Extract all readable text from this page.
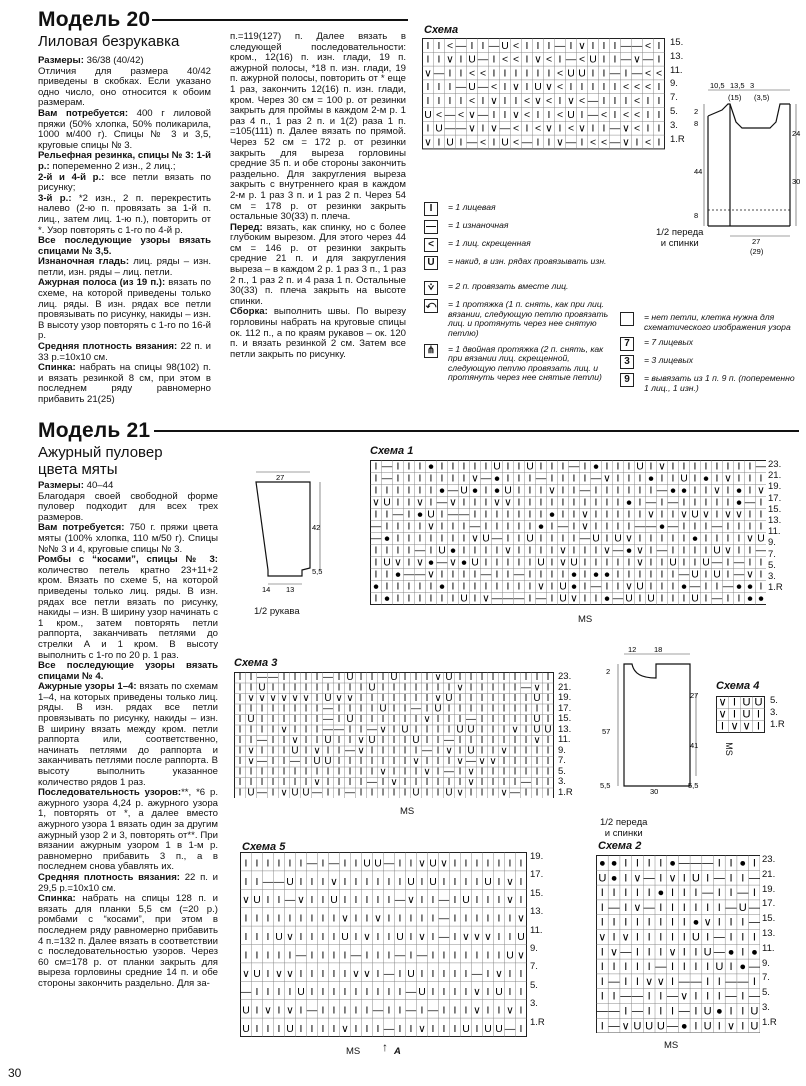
Модель 20
Лиловая безрукавка

Размеры: 36/38 (40/42)

Отличия для размера 40/42 приведены в скобках. Если указано одно число, оно относится к обоим размерам.

Вам потребуется: 400 г лиловой пряжи (50% хлопка, 50% поликарила, 1000 м/400 г). Спицы № 3 и 3,5, круговые спицы № 3.

Рельефная резинка, спицы № 3: 1-й р.: попеременно 2 изн., 2 лиц.;

2-й и 4-й р.: все петли вязать по рисунку;

3-й р.: *2 изн., 2 п. перекрестить налево (2-ю п. провязать за 1-й п. лиц., затем лиц. 1-ю п.), повторить от *. Узор повторять с 1-го по 4-й р.

Все последующие узоры вязать спицами № 3,5.

Изнаночная гладь: лиц. ряды – изн. петли, изн. ряды – лиц. петли.

Ажурная полоса (из 19 п.): вязать по схеме, на которой приведены только лиц. ряды. В изн. рядах все петли провязывать по рисунку, накиды – изн. В высоту узор повторять с 1-го по 16-й р.

Средняя плотность вязания: 22 п. и 33 р.=10х10 см.

Спинка: набрать на спицы 98(102) п. и вязать резинкой 8 см, при этом в последнем ряду равномерно прибавить 21(25)

п.=119(127) п. Далее вязать в следующей последовательности: кром., 12(16) п. изн. глади, 19 п. ажурной полосы, *18 п. изн. глади, 19 п. ажурной полосы, повторить от * еще 1 раз, закончить 12(16) п. изн. глади, кром. Через 30 см = 100 р. от резинки закрыть для проймы в каждом 2-м р. 1 раз 4 п., 1 раз 2 п. и 1(2) раза 1 п. =105(111) п. Далее вязать по прямой. Через 52 см = 172 р. от резинки закрыть для выреза горловины средние 35 п. и обе стороны закончить раздельно. Для закругления выреза закрыть с внутреннего края в каждом 2-м р. 1 раз 3 п. и 1 раз 2 п. Через 54 см = 178 р. от резинки закрыть остальные 30(33) п. плеча.

Перед: вязать, как спинку, но с более глубоким вырезом. Для этого через 44 см = 146 р. от резинки закрыть средние 21 п. и для закругления выреза – в каждом 2 р. 1 раз 3 п., 1 раз 2 п., 1 раз 2 п. и 4 раза 1 п. Остальные 30(33) п. плеча закрыть на высоте спинки.

Сборка: выполнить швы. По вырезу горловины набрать на круговые спицы ок. 112 п., а по краям рукавов – ок. 120 п. и вязать резинкой 2 см. Затем все петли закрыть по рисунку.

Схема
I I < — I I — U < I I I — I ∨ I I I — — < I
I I ∨ I U — I < < I ∨ < I — < U I I — ∨ — I
∨ — I I < < I I I I I I < U U I I — I — < <
I I I — U — < I ∨ I U ∨ < I I I I I < < < I
I I I I < I ∨ I I < ∨ < I ∨ < — I I I < I I
U < — < ∨ — I I ∨ < I I < U I — < I < < I I
I U — — ∨ I ∨ — < I < ∨ I < ∨ I I — ∨ < I I
∨ I U I — < I U < — I I ∨ — I < < — ∨ I < I
15.
13.
11.
9.
7.
5.
3.
1.R
10,5 13,5 3
(15) (3,5)
2
8
44
8
24
30
27
(29)
1/2 переда
и спинки
I	= 1 лицевая
— = 1 изнаночная
<	= 1 лиц. скрещенная
U	= накид, в изн. рядах провязывать изн.
⩒	= 2 п. провязать вместе лиц.
⤺ = 1 протяжка (1 п. снять, как при лиц. вязании, следующую петлю провязать лиц. и протянуть через нее снятую петлю)
⋔	= 1 двойная протяжка (2 п. снять, как при вязании лиц. скрещенной, следующую петлю провязать лиц. и протянуть через нее снятые петли)
= нет петли, клетка нужна для схематического изображения узора
7	= 7 лицевых
3	= 3 лицевых
9	= вывязать из 1 п. 9 п. (попеременно 1 лиц., 1 изн.)
Модель 21
Ажурный пуловер
цвета мяты

Размеры: 40–44

Благодаря своей свободной форме пуловер подходит для всех трех размеров.

Вам потребуется: 750 г. пряжи цвета мяты (100% хлопка, 110 м/50 г). Спицы №№ 3 и 4, круговые спицы № 3.

Ромбы с “косами”, спицы № 3: количество петель кратно 23+11+2 кром. Вязать по схеме 5, на которой приведены только лиц. ряды. В изн. рядах все петли вязать по рисунку, накиды – изн. В ширину узор начинать с 1 кром., затем повторять петли раппорта, заканчивать петлями до стрелки А и 1 кром. В высоту выполнить с 1-го по 20 р. 1 раз.

Все последующие узоры вязать спицами № 4.

Ажурные узоры 1–4: вязать по схемам 1–4, на которых приведены только лиц. ряды. В изн. рядах все петли провязывать по рисунку, накиды – изн. В ширину вязать между кром. петли раппорта или, соответственно, начинать петлями до раппорта и заканчивать петлями после раппорта. В высоту выполнить указанное количество рядов 1 раз.

Последовательность узоров:**, *6 р. ажурного узора 4,24 р. ажурного узора 1, повторять от *, а далее вместо ажурного узора 1 вязать один за другим ажурный узор 2 и 3, повторять от**. При вязании ажурным узором 1 в 1-м р. равномерно прибавить 3 п., а в последнем снова убавлять их.

Средняя плотность вязания: 22 п. и 29,5 р.=10х10 см.

Спинка: набрать на спицы 128 п. и вязать для планки 5,5 см (=20 р.) ромбами с “косами”, при этом в последнем ряду равномерно прибавить 4 п.=132 п. Далее вязать в соответствии с последовательностью узоров. Через 60 см=178 р. от планки закрыть для выреза горловины средние 14 п. и обе стороны закончить раздельно. Для за-

27
42
5,5
14 13
1/2 рукава
Схема 1
I — I I I ● I I I I I U I I U I I I — I ● I I I U I ∨ I I I I I I I I —
I — I I I I I I I ∨ — ● I I I — I I I I — ∨ I I I ● I I U I ● I ∨ I I I
I I I I I I ● — U ● I ● U I I I ∨ I I — I I I I I I — ● ● I I ∨ I ● I ∨
∨ U I I ∨ I — ∨ I I I ∨ ∨ I I I I I I I I I I ● I — I — I I I I I ● — I
I I — I ● U I — — I I I I I I I ● I I ∨ I I I I I ∨ I I ∨ U ∨ I ∨ ∨ I I
— I I I I ∨ I I I — I I I I I ● I — I ∨ I I I I — — ● — I I I — I I I I
— ● I I I I I I I ∨ U — I I U I I I I — U I U ∨ I I I I I ● I I I I ∨ U
I I I I — I U ● I I I I ∨ I I I I ∨ I I I ∨ — ● ∨ I — I I I I U ∨ I I —
I U ∨ I ∨ ● — ∨ ● U I I I I I U I ∨ U I I I I I ∨ I I U I I U — I — I I
I I ● — — ∨ I I I I — I I — I I I I ● I ● ● I I I I I I — U I U I — ∨ I
● I I I I I ● I I I I I I I I ∨ I U ● I — I I ∨ U I I I ● — I I — ● ● I
I ● I I I I I I U I ∨ — — — I — I U ∨ I I ● — U I U I I I U I — I I ● ●
23.
21.
19.
17.
15.
13.
11.
9.
7.
5.
3.
1.R
MS
Схема 3
I I — — I I I I — I U I I I U I I I ∨ U I I I I I I I I I
I I U I I I I I I I I I U I I I I I I I ∨ I I I I I — ∨ I
I ∨ ∨ ∨ ∨ ∨ ∨ I U ∨ ∨ I I I I I I I ∨ U I I I I I I I U I
I I I I I I I I — I I I I U I I — I U I I I I I I I I I I
I U I I I I I I — I U I I I I I I ∨ I I I — I I I I I U I
I I I I ∨ I I I — — I I — ∨ I U I I I I U U I I I ∨ I U U
I I — I I ∨ I I U I I ∨ U I I I U I I — I I I I I I I ∨ I
I ∨ I I I U I ∨ I I — ∨ I I I I I — I ∨ I U I I ∨ I I I I
I ∨ — I I — I U U I I I I I I I ∨ I I I ∨ — ∨ ∨ I I I I I
I I I I I I I I I I I I I ∨ I I I ∨ I — I ∨ I I I I I I I
I I I I I I I ∨ I I I I — I ∨ I I I I I I ∨ I I I I — I I
I U — I ∨ U U — I I — I I I I I U I I U ∨ I I I ∨ — I I I
23.
21.
19.
17.
15.
13.
11.
9.
7.
5.
3.
1.R
MS
12 18
2
27
57
41
5,5	5,5
30
1/2 переда
и спинки
Схема 4
∨ I U U
∨ I U I
I ∨ ∨ I
5.
3.
1.R
MS
Схема 5
I I I I I I — I — I I U U — I I ∨ U ∨ I I I I I I I
I I — — U I I I ∨ I I I I I I U I U I I I I U I ∨ I
∨ U I I — ∨ I I U I I I I I — ∨ I I — I U I I I ∨ I
I I I I I I I I I ∨ I I ∨ I I I I I — I I I I I I ∨
I I I U ∨ I I I I U I ∨ I I U I ∨ I — I ∨ ∨ ∨ I I U
I I I I I — I I I I — I I I — I — I I I I I I I U ∨
∨ U I ∨ ∨ I I I I I ∨ ∨ I — I U I I I I I — I ∨ I I
— I I I I U I I I I I I I I I — U I I I I ∨ I U I I
U I ∨ I ∨ I — I I I I I — I I — I — I I I ∨ I I ∨ I
U I I I U I I I I ∨ I I I — I I ∨ I I I U I U U — I
19.
17.
15.
13.
11.
9.
7.
5.
3.
1.R
MS ↑ A
Схема 2
● ● I I I I ● — — — I I ● I
U ● I ∨ — I ∨ I U I — I I —
I I I I I ● I I I — I I — I
I — I ∨ — I I I I I I — U —
I I I I I I I I ● ∨ I I I —
∨ I ∨ I I I I I U I — I I I
I ∨ — I I I ∨ I I U — ● I ●
I I I I I — I I I I U I ● —
I — I I ∨ ∨ I — — I I — — I
I I — — I I — ∨ I I I — I —
— — I — I I I — I U ● I I U
I — ∨ U U U — ● I U I ∨ I U
23.
21.
19.
17.
15.
13.
11.
9.
7.
5.
3.
1.R
MS
30
